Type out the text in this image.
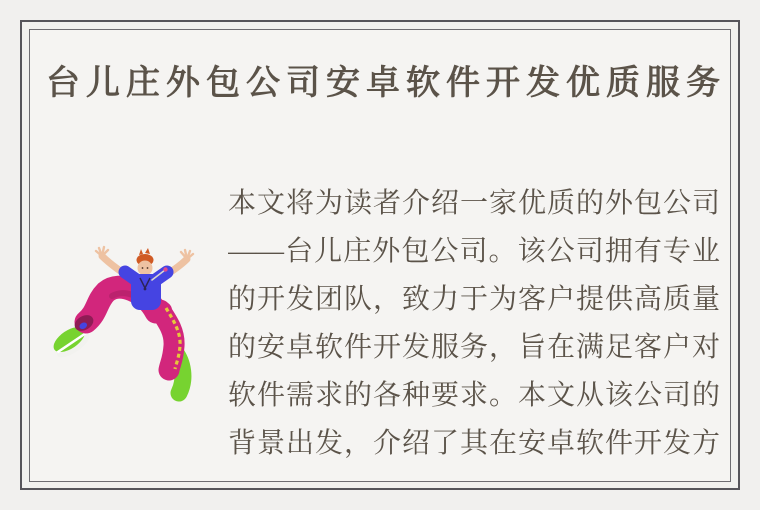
台儿庄外包公司安卓软件开发优质服务
本文将为读者介绍一家优质的外包公司
——台儿庄外包公司。该公司拥有专业
的开发团队，致力于为客户提供高质量
的安卓软件开发服务，旨在满足客户对
软件需求的各种要求。本文从该公司的
背景出发，介绍了其在安卓软件开发方
